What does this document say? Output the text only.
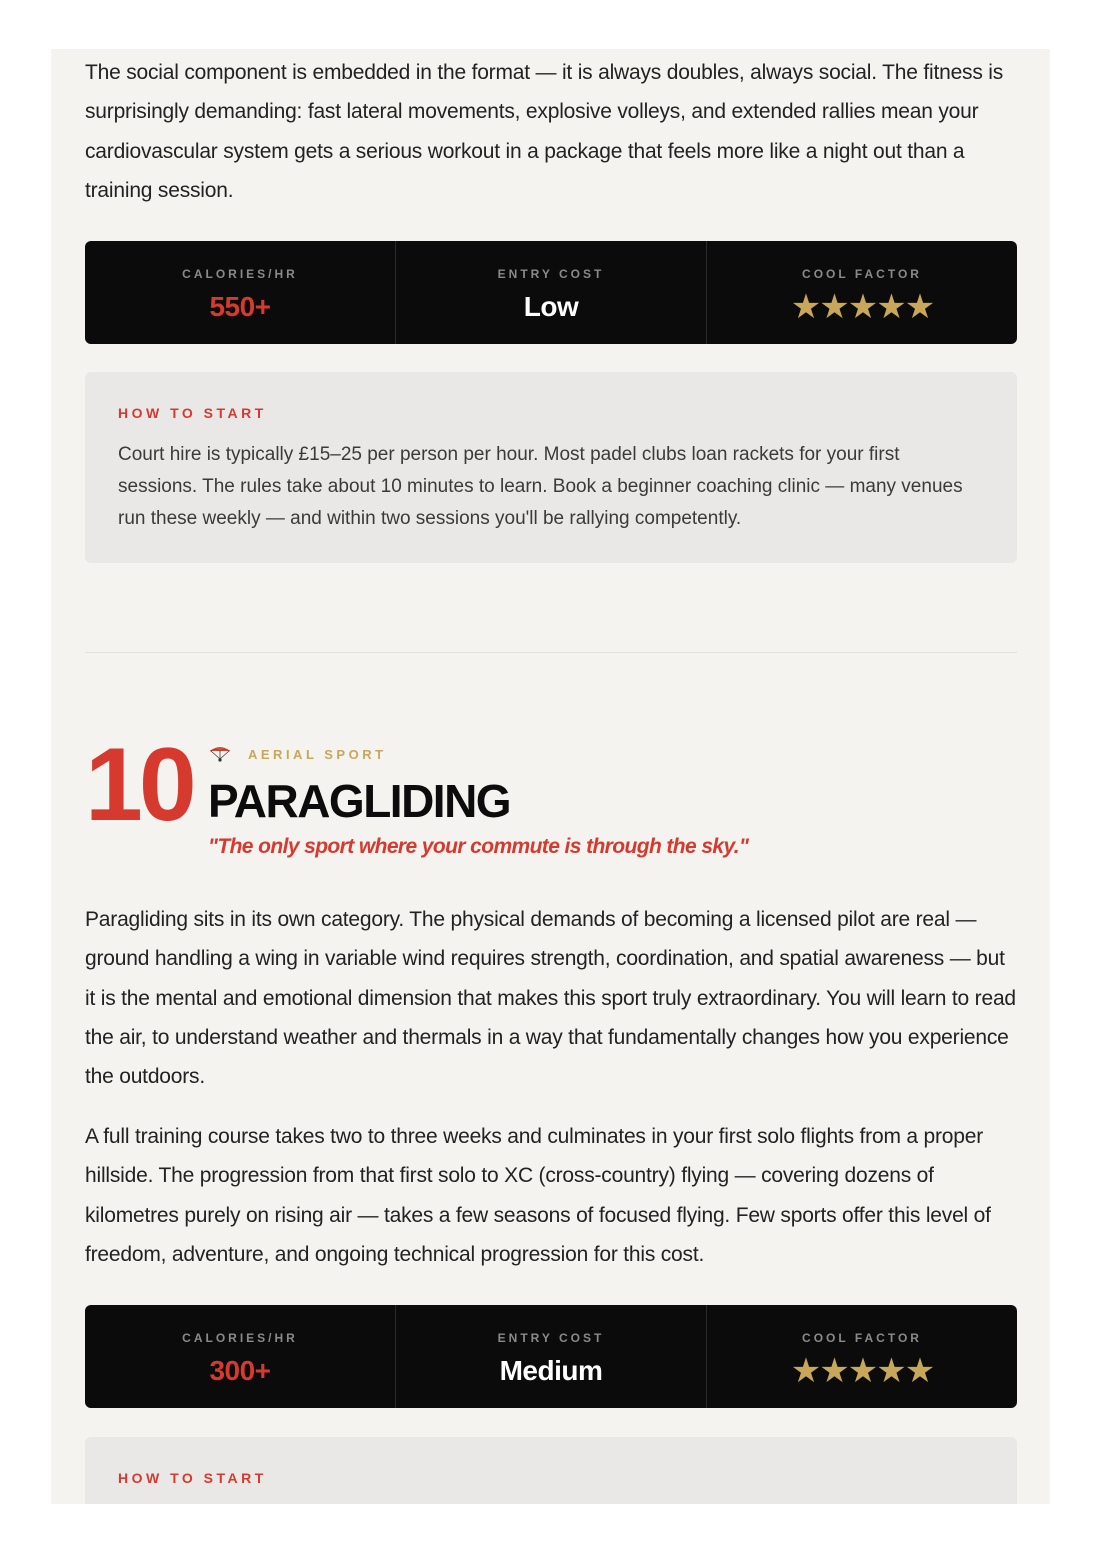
The social component is embedded in the format — it is always doubles, always social. The fitness is surprisingly demanding: fast lateral movements, explosive volleys, and extended rallies mean your cardiovascular system gets a serious workout in a package that feels more like a night out than a training session.

CALORIES/HR
550+
ENTRY COST
Low
COOL FACTOR
★★★★★
HOW TO START

Court hire is typically £15–25 per person per hour. Most padel clubs loan rackets for your first sessions. The rules take about 10 minutes to learn. Book a beginner coaching clinic — many venues run these weekly — and within two sessions you'll be rallying competently.

10	AERIAL SPORT
PARAGLIDING
"The only sport where your commute is through the sky."

Paragliding sits in its own category. The physical demands of becoming a licensed pilot are real — ground handling a wing in variable wind requires strength, coordination, and spatial awareness — but it is the mental and emotional dimension that makes this sport truly extraordinary. You will learn to read the air, to understand weather and thermals in a way that fundamentally changes how you experience the outdoors.

A full training course takes two to three weeks and culminates in your first solo flights from a proper hillside. The progression from that first solo to XC (cross-country) flying — covering dozens of kilometres purely on rising air — takes a few seasons of focused flying. Few sports offer this level of freedom, adventure, and ongoing technical progression for this cost.

CALORIES/HR
300+
ENTRY COST
Medium
COOL FACTOR
★★★★★
HOW TO START
